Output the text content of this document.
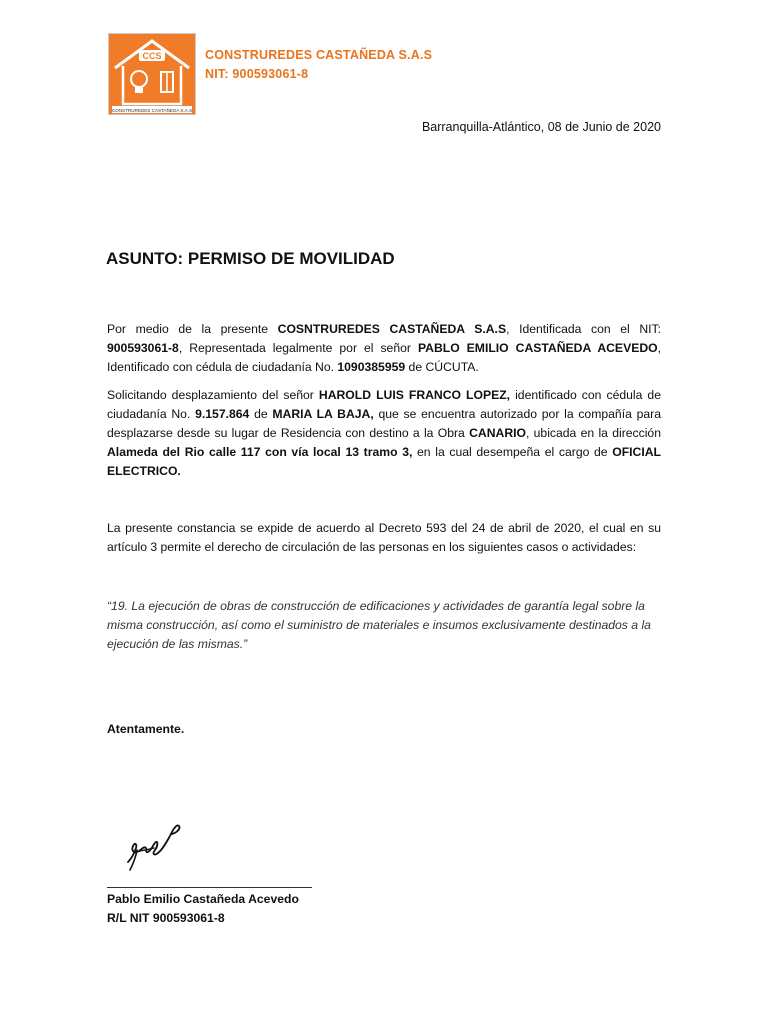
CCS
CONSTRUREDES CASTAÑEDA S.A.S
CONSTRUREDES CASTAÑEDA S.A.S
NIT: 900593061-8
Barranquilla-Atlántico, 08 de Junio de 2020
ASUNTO: PERMISO DE MOVILIDAD
Por medio de la presente COSNTRUREDES CASTAÑEDA S.A.S, Identificada con el NIT: 900593061-8, Representada legalmente por el señor PABLO EMILIO CASTAÑEDA ACEVEDO, Identificado con cédula de ciudadanía No. 1090385959 de CÚCUTA.
Solicitando desplazamiento del señor HAROLD LUIS FRANCO LOPEZ, identificado con cédula de ciudadanía No. 9.157.864 de MARIA LA BAJA, que se encuentra autorizado por la compañía para desplazarse desde su lugar de Residencia con destino a la Obra CANARIO, ubicada en la dirección Alameda del Rio calle 117 con vía local 13 tramo 3, en la cual desempeña el cargo de OFICIAL ELECTRICO.
La presente constancia se expide de acuerdo al Decreto 593 del 24 de abril de 2020, el cual en su artículo 3 permite el derecho de circulación de las personas en los siguientes casos o actividades:
“19. La ejecución de obras de construcción de edificaciones y actividades de garantía legal sobre la misma construcción, así como el suministro de materiales e insumos exclusivamente destinados a la ejecución de las mismas.”
Atentamente.
Pablo Emilio Castañeda Acevedo
R/L NIT 900593061-8
